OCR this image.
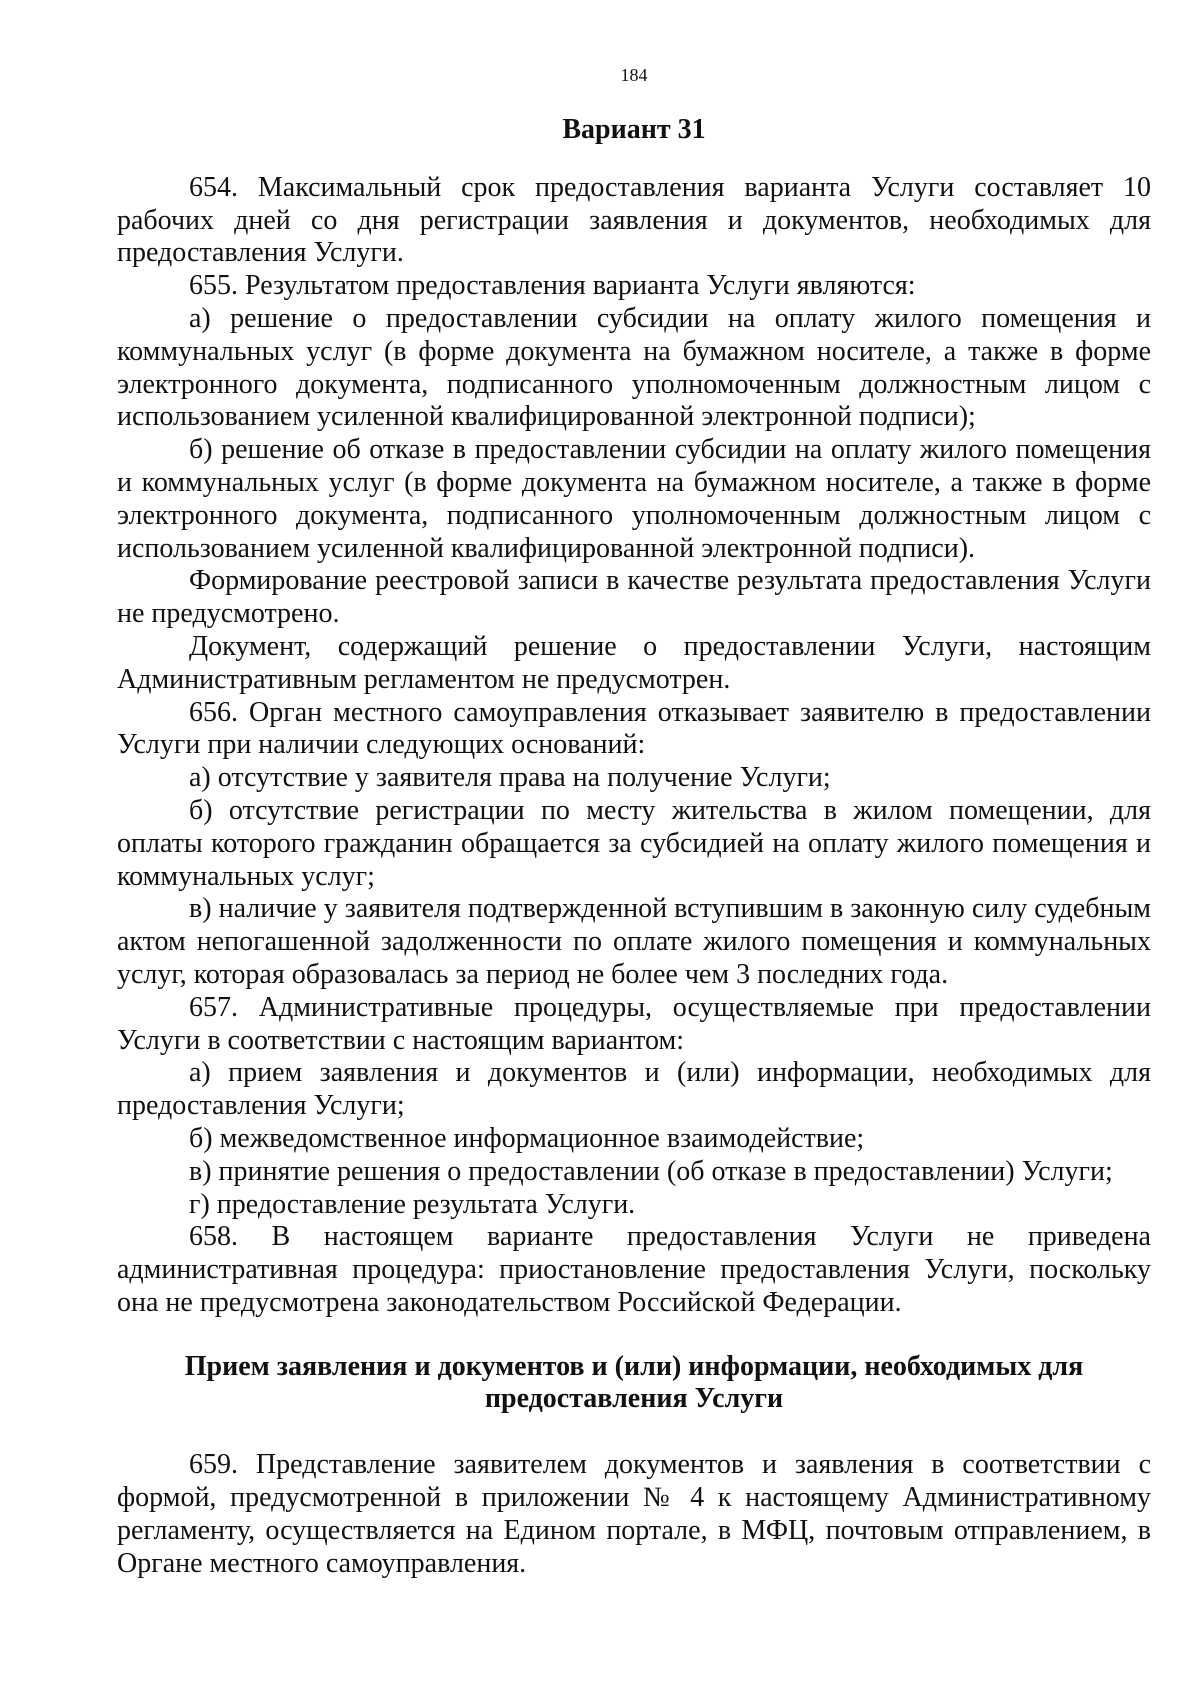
184
Вариант 31

654. Максимальный срок предоставления варианта Услуги составляет 10 рабочих дней со дня регистрации заявления и документов, необходимых для предоставления Услуги.

655. Результатом предоставления варианта Услуги являются:

а) решение о предоставлении субсидии на оплату жилого помещения и коммунальных услуг (в форме документа на бумажном носителе, а также в форме электронного документа, подписанного уполномоченным должностным лицом с использованием усиленной квалифицированной электронной подписи);

б) решение об отказе в предоставлении субсидии на оплату жилого помещения и коммунальных услуг (в форме документа на бумажном носителе, а также в форме электронного документа, подписанного уполномоченным должностным лицом с использованием усиленной квалифицированной электронной подписи).

Формирование реестровой записи в качестве результата предоставления Услуги не предусмотрено.

Документ, содержащий решение о предоставлении Услуги, настоящим Административным регламентом не предусмотрен.

656. Орган местного самоуправления отказывает заявителю в предоставлении Услуги при наличии следующих оснований:

а) отсутствие у заявителя права на получение Услуги;

б) отсутствие регистрации по месту жительства в жилом помещении, для оплаты которого гражданин обращается за субсидией на оплату жилого помещения и коммунальных услуг;

в) наличие у заявителя подтвержденной вступившим в законную силу судебным актом непогашенной задолженности по оплате жилого помещения и коммунальных услуг, которая образовалась за период не более чем 3 последних года.

657. Административные процедуры, осуществляемые при предоставлении Услуги в соответствии с настоящим вариантом:

а) прием заявления и документов и (или) информации, необходимых для предоставления Услуги;

б) межведомственное информационное взаимодействие;

в) принятие решения о предоставлении (об отказе в предоставлении) Услуги;

г) предоставление результата Услуги.

658. В настоящем варианте предоставления Услуги не приведена административная процедура: приостановление предоставления Услуги, поскольку она не предусмотрена законодательством Российской Федерации.

Прием заявления и документов и (или) информации, необходимых для предоставления Услуги

659. Представление заявителем документов и заявления в соответствии с формой, предусмотренной в приложении № 4 к настоящему Административному регламенту, осуществляется на Едином портале, в МФЦ, почтовым отправлением, в Органе местного самоуправления.
